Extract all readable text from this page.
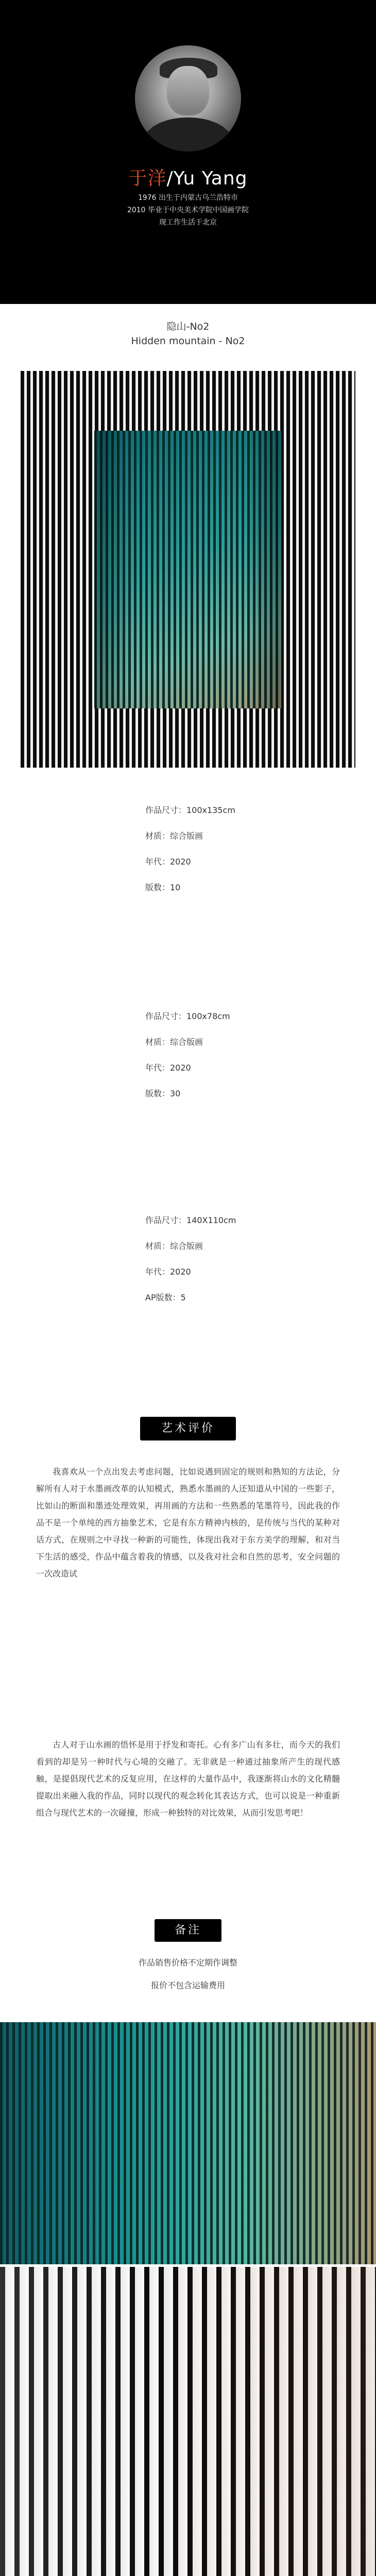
于洋/Yu Yang
1976 出生于内蒙古乌兰浩特市
2010 毕业于中央美术学院中国画学院
现工作生活于北京
隐山-No2
Hidden mountain - No2
作品尺寸：100x135cm
材质：综合版画
年代：2020
版数：10
作品尺寸：100x78cm
材质：综合版画
年代：2020
版数：30
作品尺寸：140X110cm
材质：综合版画
年代：2020
AP版数：5
艺术评价
我喜欢从一个点出发去考虑问题，比如说遇到固定的规则和熟知的方法论，分解所有人对于水墨画改革的认知模式，熟悉水墨画的人还知道从中国的一些影子，比如山的断面和墨迹处理效果，再用画的方法和一些熟悉的笔墨符号，因此我的作品不是一个单纯的西方抽象艺术，它是有东方精神内核的，是传统与当代的某种对话方式，在规则之中寻找一种新的可能性，体现出我对于东方美学的理解，和对当下生活的感受，作品中蕴含着我的情感，以及我对社会和自然的思考，安全问题的一次改造试
古人对于山水画的悟怀是用于抒发和寄托。心有多广山有多壮，而今天的我们看到的却是另一种时代与心境的交融了。无非就是一种通过抽象所产生的现代感触，是提倡现代艺术的反复应用，在这样的大量作品中，我逐渐将山水的文化精髓提取出来融入我的作品，同时以现代的观念转化其表达方式，也可以说是一种重新组合与现代艺术的一次碰撞，形成一种独特的对比效果，从而引发思考吧！
备注
作品销售价格不定期作调整
报价不包含运输费用
